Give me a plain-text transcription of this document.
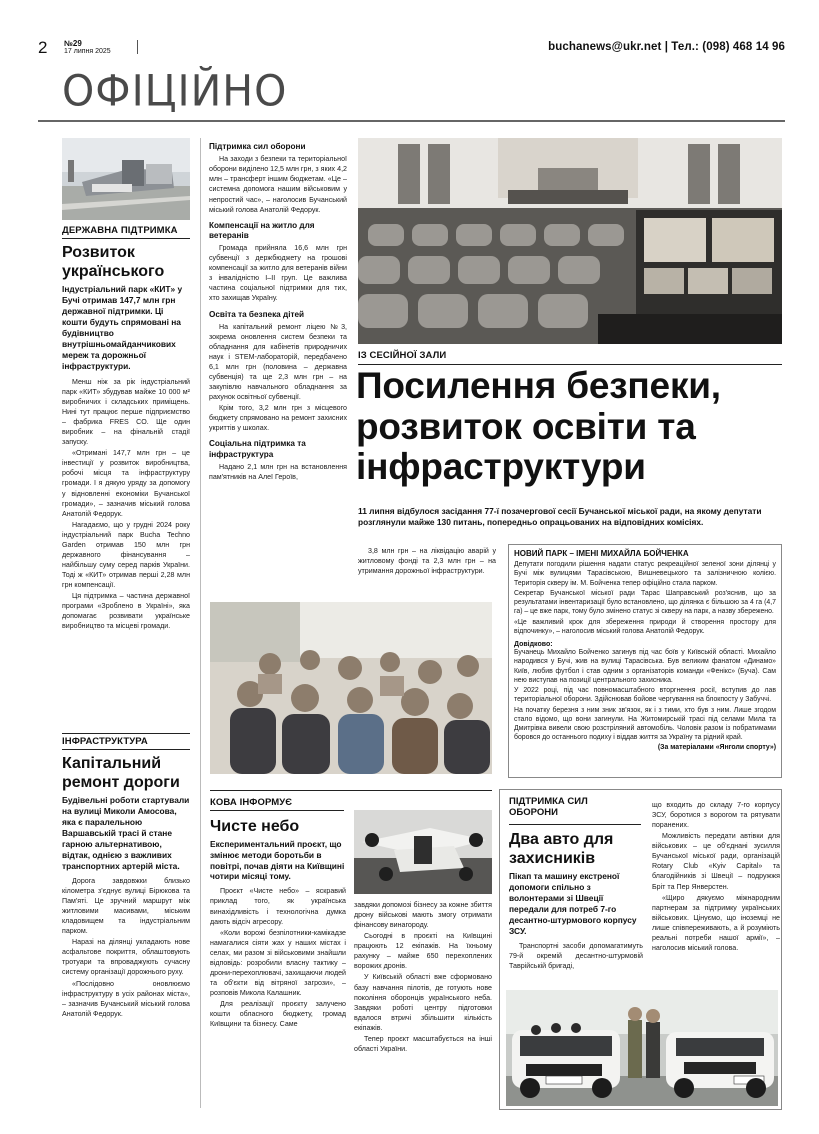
2 №29
17 липня 2025	buchanews@ukr.net | Тел.: (098) 468 14 96
ОФІЦІЙНО
ДЕРЖАВНА ПІДТРИМКА
Розвиток українського
Індустріальний парк «КИТ» у Бучі отримав 147,7 млн грн державної підтримки. Ці кошти будуть спрямовані на будівництво внутрішньомайданчикових мереж та дорожньої інфраструктури.
Менш ніж за рік індустріальний парк «КИТ» збудував майже 10 000 м² виробничих і складських приміщень. Нині тут працює перше підприємство – фабрика FRES CO. Ще один виробник – на фінальній стадії запуску.
«Отримані 147,7 млн грн – це інвестиції у розвиток виробництва, робочі місця та інфраструктуру громади. І я дякую уряду за допомогу у відновленні економіки Бучанської громади», – зазначив міський голова Анатолій Федорук.
Нагадаємо, що у грудні 2024 року індустріальний парк Bucha Techno Garden отримав 150 млн грн державного фінансування – найбільшу суму серед парків України. Тоді ж «КИТ» отримав перші 2,28 млн грн компенсації.
Ця підтримка – частина державної програми «Зроблено в Україні», яка допомагає розвивати українське виробництво та місцеві громади.
ІНФРАСТРУКТУРА
Капітальний ремонт дороги
Будівельні роботи стартували на вулиці Миколи Амосова, яка є паралельною Варшавській трасі й стане гарною альтернативою, відтак, однією з важливих транспортних артерій міста.
Дорога завдовжки близько кілометра з'єднує вулиці Бірюкова та Пам'яті. Це зручний маршрут між житловими масивами, міським кладовищем та індустріальним парком.
Наразі на ділянці укладають нове асфальтове покриття, облаштовують тротуари та впроваджують сучасну систему організації дорожнього руху.
«Послідовно оновлюємо інфраструктуру в усіх районах міста», – зазначив Бучанський міський голова Анатолій Федорук.
Підтримка сил оборони
На заходи з безпеки та територіальної оборони виділено 12,5 млн грн, з яких 4,2 млн – трансферт іншим бюджетам. «Це – системна допомога нашим військовим у непростий час», – наголосив Бучанський міський голова Анатолій Федорук.
Компенсації на житло для ветеранів
Громада прийняла 16,6 млн грн субвенції з держбюджету на грошові компенсації за житло для ветеранів війни з інвалідністю І–ІІ груп. Це важлива частина соціальної підтримки для тих, хто захищав Україну.
Освіта та безпека дітей
На капітальний ремонт ліцею №3, зокрема оновлення систем безпеки та обладнання для кабінетів природничих наук і STEM-лабораторій, передбачено 6,1 млн грн (половина – державна субвенція) та ще 2,3 млн грн – на закупівлю навчального обладнання за рахунок освітньої субвенції.
Крім того, 3,2 млн грн з місцевого бюджету спрямовано на ремонт захисних укриттів у школах.
Соціальна підтримка та інфраструктура
Надано 2,1 млн грн на встановлення пам'ятників на Алеї Героїв,
ІЗ СЕСІЙНОЇ ЗАЛИ
Посилення безпеки, розвиток освіти та інфраструктури
11 липня відбулося засідання 77-ї позачергової сесії Бучанської міської ради, на якому депутати розглянули майже 130 питань, попередньо опрацьованих на відповідних комісіях.
3,8 млн грн – на ліквідацію аварій у житловому фонді та 2,3 млн грн – на утримання дорожньої інфраструктури.
НОВИЙ ПАРК – ІМЕНІ МИХАЙЛА БОЙЧЕНКА
Депутати погодили рішення надати статус рекреаційної зеленої зони ділянці у Бучі між вулицями Тарасівською, Вишневецького та залізничною колією. Територія скверу ім. М. Бойченка тепер офіційно стала парком.
Секретар Бучанської міської ради Тарас Шаправський роз'яснив, що за результатами інвентаризації було встановлено, що ділянка є більшою за 4 га (4,7 га) – це вже парк, тому було змінено статус зі скверу на парк, а назву збережено.
«Це важливий крок для збереження природи й створення простору для відпочинку», – наголосив міський голова Анатолій Федорук.
Довідково:
Бучанець Михайло Бойченко загинув під час боїв у Київській області. Михайло народився у Бучі, жив на вулиці Тарасівська. Був великим фанатом «Динамо» Київ, любив футбол і став одним з організаторів команди «Фенікс» (Буча). Сам нею виступав на позиції центрального захисника.
У 2022 році, під час повномасштабного вторгнення росії, вступив до лав територіальної оборони. Здійснював бойове чергування на блокпосту у Забуччі.
На початку березня з ним зник зв'язок, як і з тими, хто був з ним. Лише згодом стало відомо, що вони загинули. На Житомирській трасі під селами Мила та Дмитрівка вивели свою розстріляний автомобіль. Чоловік разом із побратимами боровся до останнього подиху і віддав життя за Україну та рідний край.
(За матеріалами «Янголи спорту»)
КОВА ІНФОРМУЄ
Чисте небо
Експериментальний проєкт, що змінює методи боротьби в повітрі, почав діяти на Київщині чотири місяці тому.
Проєкт «Чисте небо» – яскравий приклад того, як українська винахідливість і технологічна думка дають відсіч агресору.
«Коли ворожі безпілотники-камікадзе намагалися сіяти жах у наших містах і селах, ми разом зі військовими знайшли відповідь: розробили власну тактику – дрони-перехоплювачі, захищаючи людей та об'єкти від вітряної загрози», – розповів Микола Калашник.
Для реалізації проєкту залучено кошти обласного бюджету, громад Київщини та бізнесу. Саме
завдяки допомозі бізнесу за кожне збиття дрону військові мають змогу отримати фінансову винагороду.
Сьогодні в проєкті на Київщині працюють 12 екіпажів. На їхньому рахунку – майже 650 перехоплених ворожих дронів.
У Київській області вже сформовано базу навчання пілотів, де готують нове покоління оборонців українського неба. Завдяки роботі центру підготовки вдалося втричі збільшити кількість екіпажів.
Тепер проєкт масштабується на інші області України.
ПІДТРИМКА СИЛ ОБОРОНИ
Два авто для захисників
Пікап та машину екстреної допомоги спільно з волонтерами зі Швеції передали для потреб 7-го десантно-штурмового корпусу ЗСУ.
Транспортні засоби допомагатимуть 79-й окремій десантно-штурмовій Таврійській бригаді,
що входить до складу 7-го корпусу ЗСУ, боротися з ворогом та рятувати поранених.
Можливість передати автівки для військових – це об'єднані зусилля Бучанської міської ради, організацій Rotary Club «Kyiv Capital» та благодійників зі Швеції – подружжя Бріт та Пер Янверстен.
«Щиро дякуємо міжнародним партнерам за підтримку українських військових. Цінуємо, що іноземці не лише співпереживають, а й розуміють реальні потреби нашої армії», – наголосив міський голова.
